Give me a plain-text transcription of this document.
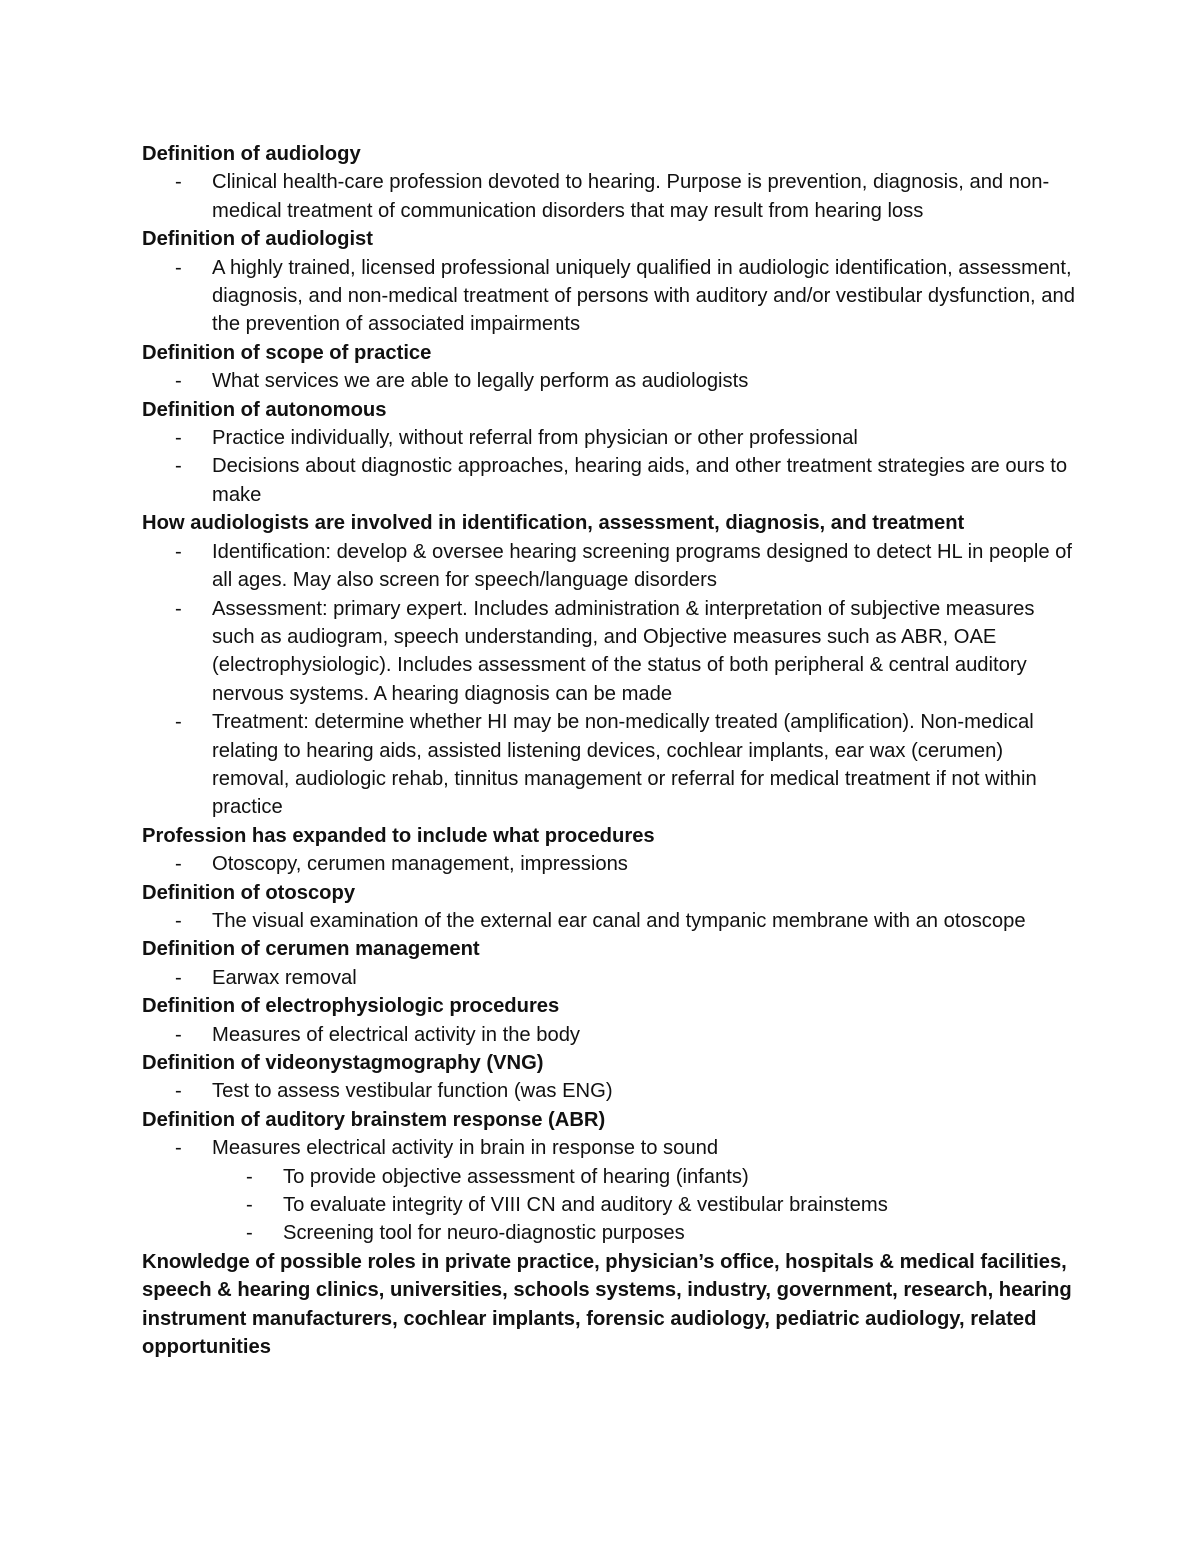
Definition of audiology

- Clinical health-care profession devoted to hearing. Purpose is prevention, diagnosis, and non-medical treatment of communication disorders that may result from hearing loss

Definition of audiologist

- A highly trained, licensed professional uniquely qualified in audiologic identification, assessment, diagnosis, and non-medical treatment of persons with auditory and/or vestibular dysfunction, and the prevention of associated impairments

Definition of scope of practice

- What services we are able to legally perform as audiologists

Definition of autonomous

- Practice individually, without referral from physician or other professional

- Decisions about diagnostic approaches, hearing aids, and other treatment strategies are ours to make

How audiologists are involved in identification, assessment, diagnosis, and treatment

- Identification: develop & oversee hearing screening programs designed to detect HL in people of all ages. May also screen for speech/language disorders

- Assessment: primary expert. Includes administration & interpretation of subjective measures such as audiogram, speech understanding, and Objective measures such as ABR, OAE (electrophysiologic). Includes assessment of the status of both peripheral & central auditory nervous systems. A hearing diagnosis can be made

- Treatment: determine whether HI may be non-medically treated (amplification). Non-medical relating to hearing aids, assisted listening devices, cochlear implants, ear wax (cerumen) removal, audiologic rehab, tinnitus management or referral for medical treatment if not within practice

Profession has expanded to include what procedures

- Otoscopy, cerumen management, impressions

Definition of otoscopy

- The visual examination of the external ear canal and tympanic membrane with an otoscope

Definition of cerumen management

- Earwax removal

Definition of electrophysiologic procedures

- Measures of electrical activity in the body

Definition of videonystagmography (VNG)

- Test to assess vestibular function (was ENG)

Definition of auditory brainstem response (ABR)

- Measures electrical activity in brain in response to sound

- To provide objective assessment of hearing (infants)

- To evaluate integrity of VIII CN and auditory & vestibular brainstems

- Screening tool for neuro-diagnostic purposes

Knowledge of possible roles in private practice, physician’s office, hospitals & medical facilities, speech & hearing clinics, universities, schools systems, industry, government, research, hearing instrument manufacturers, cochlear implants, forensic audiology, pediatric audiology, related opportunities
